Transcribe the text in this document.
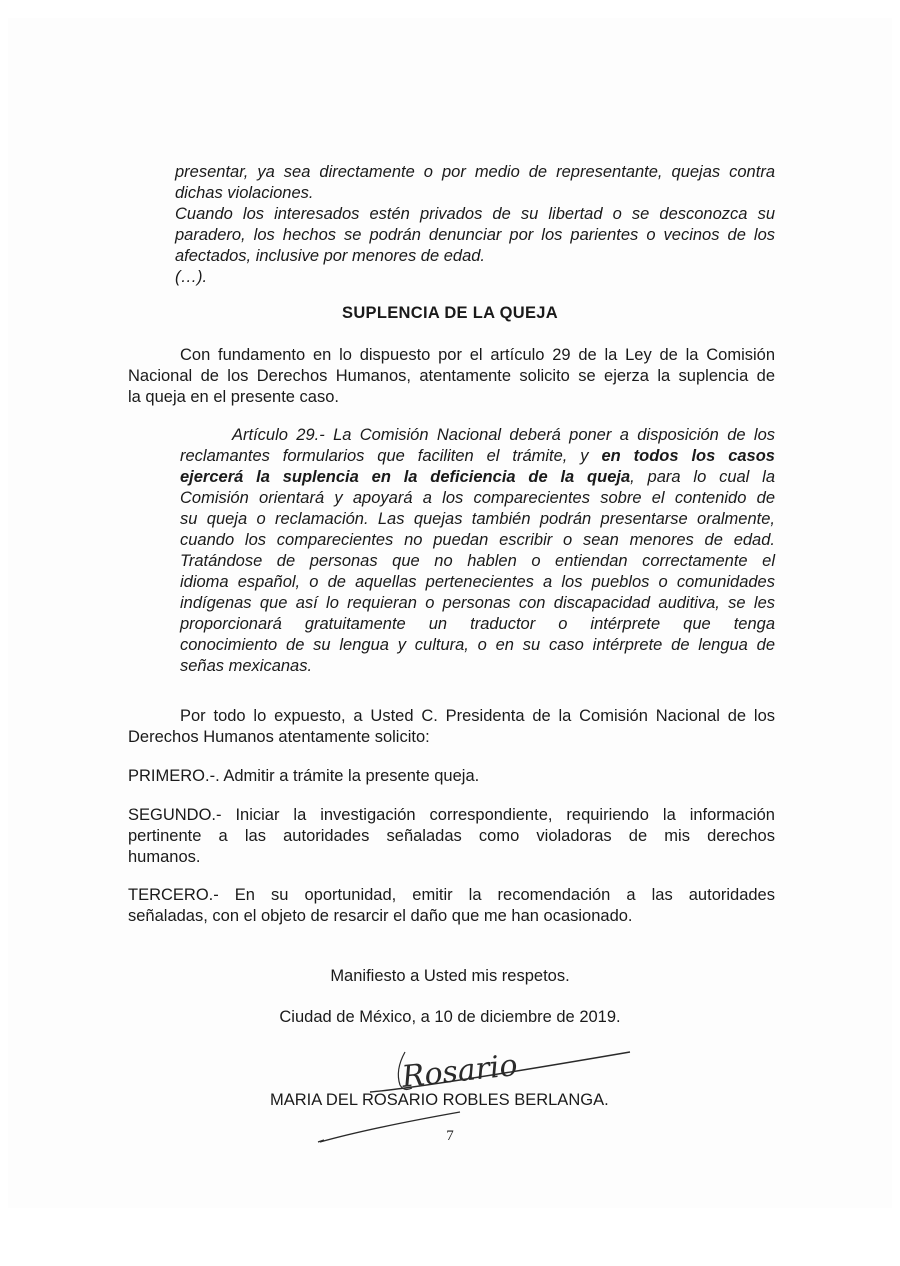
presentar, ya sea directamente o por medio de representante, quejas contra
dichas violaciones.
Cuando los interesados estén privados de su libertad o se desconozca su
paradero, los hechos se podrán denunciar por los parientes o vecinos de los
afectados, inclusive por menores de edad.
(…).
SUPLENCIA DE LA QUEJA
Con fundamento en lo dispuesto por el artículo 29 de la Ley de la Comisión
Nacional de los Derechos Humanos, atentamente solicito se ejerza la suplencia de
la queja en el presente caso.
Artículo 29.- La Comisión Nacional deberá poner a disposición de los
reclamantes formularios que faciliten el trámite, y en todos los casos
ejercerá la suplencia en la deficiencia de la queja, para lo cual la
Comisión orientará y apoyará a los comparecientes sobre el contenido de
su queja o reclamación. Las quejas también podrán presentarse oralmente,
cuando los comparecientes no puedan escribir o sean menores de edad.
Tratándose de personas que no hablen o entiendan correctamente el
idioma español, o de aquellas pertenecientes a los pueblos o comunidades
indígenas que así lo requieran o personas con discapacidad auditiva, se les
proporcionará gratuitamente un traductor o intérprete que tenga
conocimiento de su lengua y cultura, o en su caso intérprete de lengua de
señas mexicanas.
Por todo lo expuesto, a Usted C. Presidenta de la Comisión Nacional de los
Derechos Humanos atentamente solicito:
PRIMERO.-. Admitir a trámite la presente queja.
SEGUNDO.- Iniciar la investigación correspondiente, requiriendo la información
pertinente a las autoridades señaladas como violadoras de mis derechos
humanos.
TERCERO.- En su oportunidad, emitir la recomendación a las autoridades
señaladas, con el objeto de resarcir el daño que me han ocasionado.
Manifiesto a Usted mis respetos.
Ciudad de México, a 10 de diciembre de 2019.
Rosario
MARIA DEL ROSARIO ROBLES BERLANGA.
7
